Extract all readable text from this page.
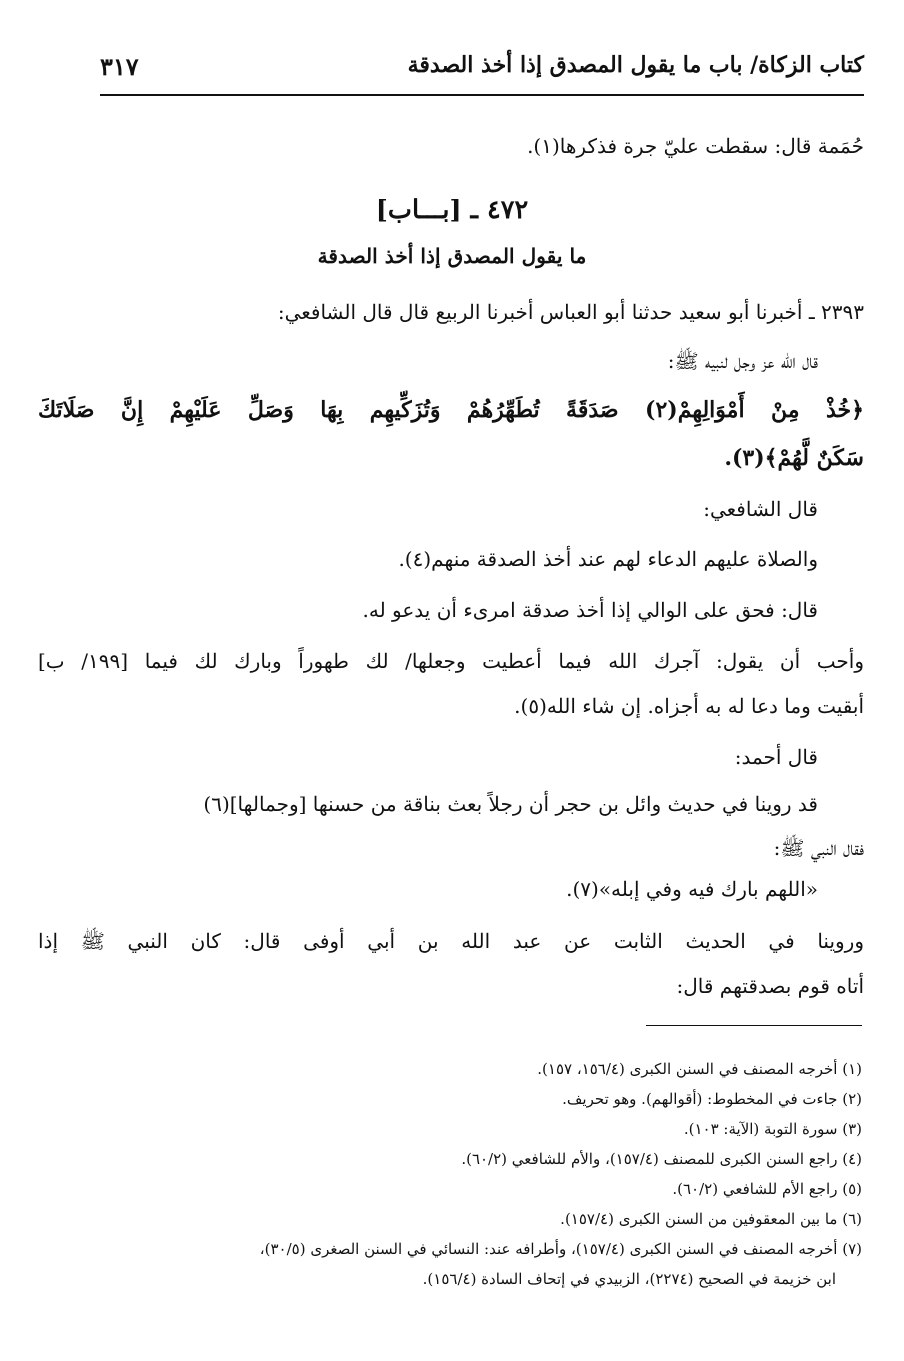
كتاب الزكاة/ باب ما يقول المصدق إذا أخذ الصدقة
٣١٧
حُمَمة قال: سقطت عليّ جرة فذكرها(١).
٤٧٢ ـ [بـــاب]
ما يقول المصدق إذا أخذ الصدقة
٢٣٩٣ ـ أخبرنا أبو سعيد حدثنا أبو العباس أخبرنا الربيع قال قال الشافعي:
قال الله عز وجل لنبيه ﷺ:
﴿خُذْ مِنْ أَمْوَالِهِمْ(٢) صَدَقَةً تُطَهِّرُهُمْ وَتُزَكِّيهِم بِهَا وَصَلِّ عَلَيْهِمْ إِنَّ صَلَاتَكَ
سَكَنٌ لَّهُمْ﴾(٣).
قال الشافعي:
والصلاة عليهم الدعاء لهم عند أخذ الصدقة منهم(٤).
قال: فحق على الوالي إذا أخذ صدقة امرىء أن يدعو له.
وأحب أن يقول: آجرك الله فيما أعطيت وجعلها/ لك طهوراً وبارك لك فيما [١٩٩/ ب]
أبقيت وما دعا له به أجزاه. إن شاء الله(٥).
قال أحمد:
قد روينا في حديث وائل بن حجر أن رجلاً بعث بناقة من حسنها [وجمالها](٦)
فقال النبي ﷺ:
«اللهم بارك فيه وفي إبله»(٧).
وروينا في الحديث الثابت عن عبد الله بن أبي أوفى قال: كان النبي ﷺ إذا
أتاه قوم بصدقتهم قال:
(١) أخرجه المصنف في السنن الكبرى (١٥٦/٤، ١٥٧).
(٢) جاءت في المخطوط: (أقوالهم). وهو تحريف.
(٣) سورة التوبة (الآية: ١٠٣).
(٤) راجع السنن الكبرى للمصنف (١٥٧/٤)، والأم للشافعي (٦٠/٢).
(٥) راجع الأم للشافعي (٦٠/٢).
(٦) ما بين المعقوفين من السنن الكبرى (١٥٧/٤).
(٧) أخرجه المصنف في السنن الكبرى (١٥٧/٤)، وأطرافه عند: النسائي في السنن الصغرى (٣٠/٥)،
ابن خزيمة في الصحيح (٢٢٧٤)، الزبيدي في إتحاف السادة (١٥٦/٤).
